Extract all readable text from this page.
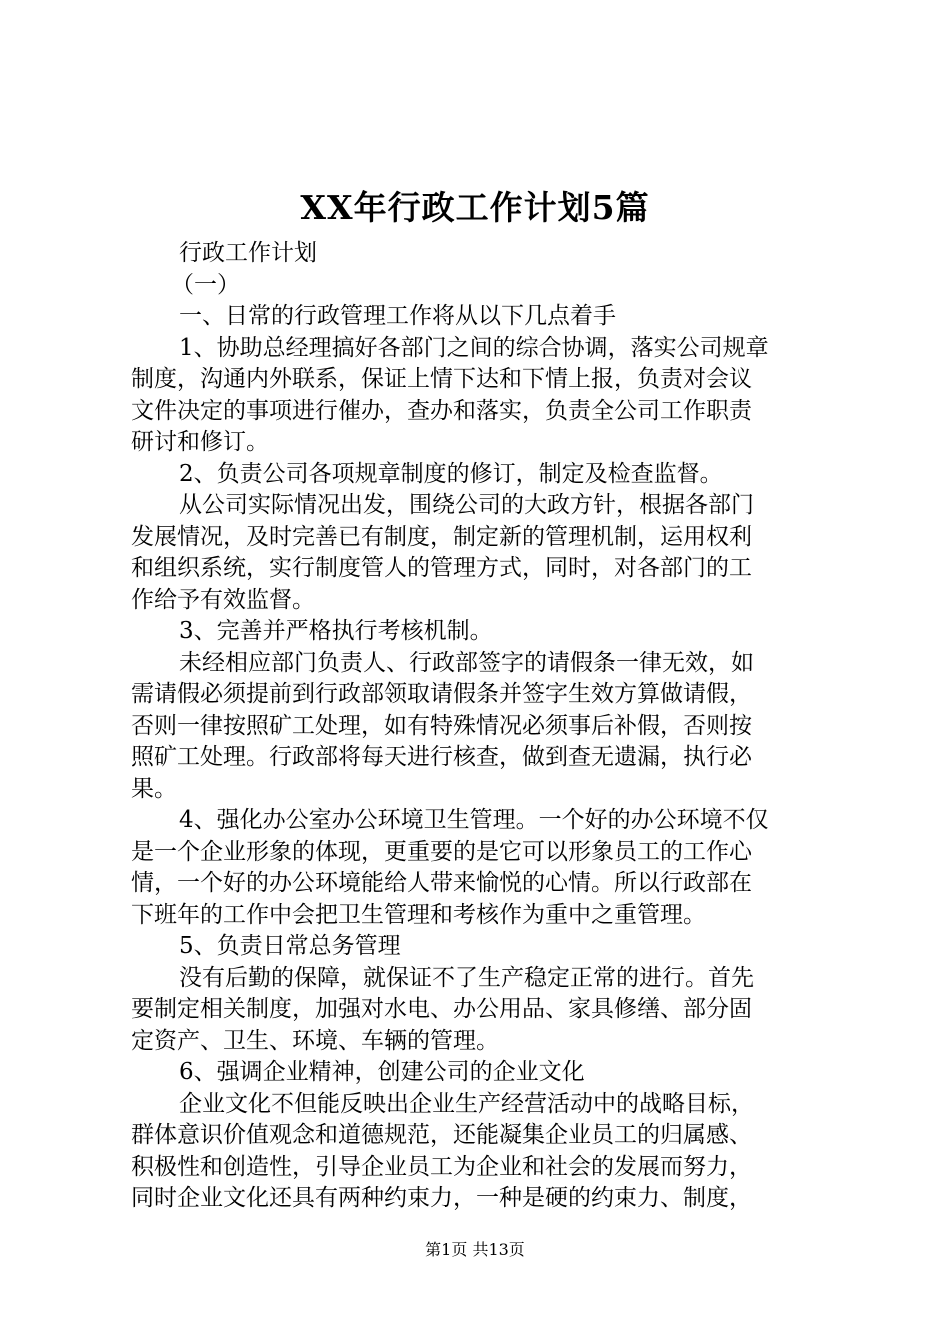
XX年行政工作计划5篇
行政工作计划
（一）
一、日常的行政管理工作将从以下几点着手
1、协助总经理搞好各部门之间的综合协调，落实公司规章
制度，沟通内外联系，保证上情下达和下情上报，负责对会议
文件决定的事项进行催办，查办和落实，负责全公司工作职责
研讨和修订。
2、负责公司各项规章制度的修订，制定及检查监督。
从公司实际情况出发，围绕公司的大政方针，根据各部门
发展情况，及时完善已有制度，制定新的管理机制，运用权利
和组织系统，实行制度管人的管理方式，同时，对各部门的工
作给予有效监督。
3、完善并严格执行考核机制。
未经相应部门负责人、行政部签字的请假条一律无效，如
需请假必须提前到行政部领取请假条并签字生效方算做请假，
否则一律按照矿工处理，如有特殊情况必须事后补假，否则按
照矿工处理。行政部将每天进行核查，做到查无遗漏，执行必
果。
4、强化办公室办公环境卫生管理。一个好的办公环境不仅
是一个企业形象的体现，更重要的是它可以形象员工的工作心
情，一个好的办公环境能给人带来愉悦的心情。所以行政部在
下班年的工作中会把卫生管理和考核作为重中之重管理。
5、负责日常总务管理
没有后勤的保障，就保证不了生产稳定正常的进行。首先
要制定相关制度，加强对水电、办公用品、家具修缮、部分固
定资产、卫生、环境、车辆的管理。
6、强调企业精神，创建公司的企业文化
企业文化不但能反映出企业生产经营活动中的战略目标，
群体意识价值观念和道德规范，还能凝集企业员工的归属感、
积极性和创造性，引导企业员工为企业和社会的发展而努力，
同时企业文化还具有两种约束力，一种是硬的约束力、制度，
第1页 共13页
